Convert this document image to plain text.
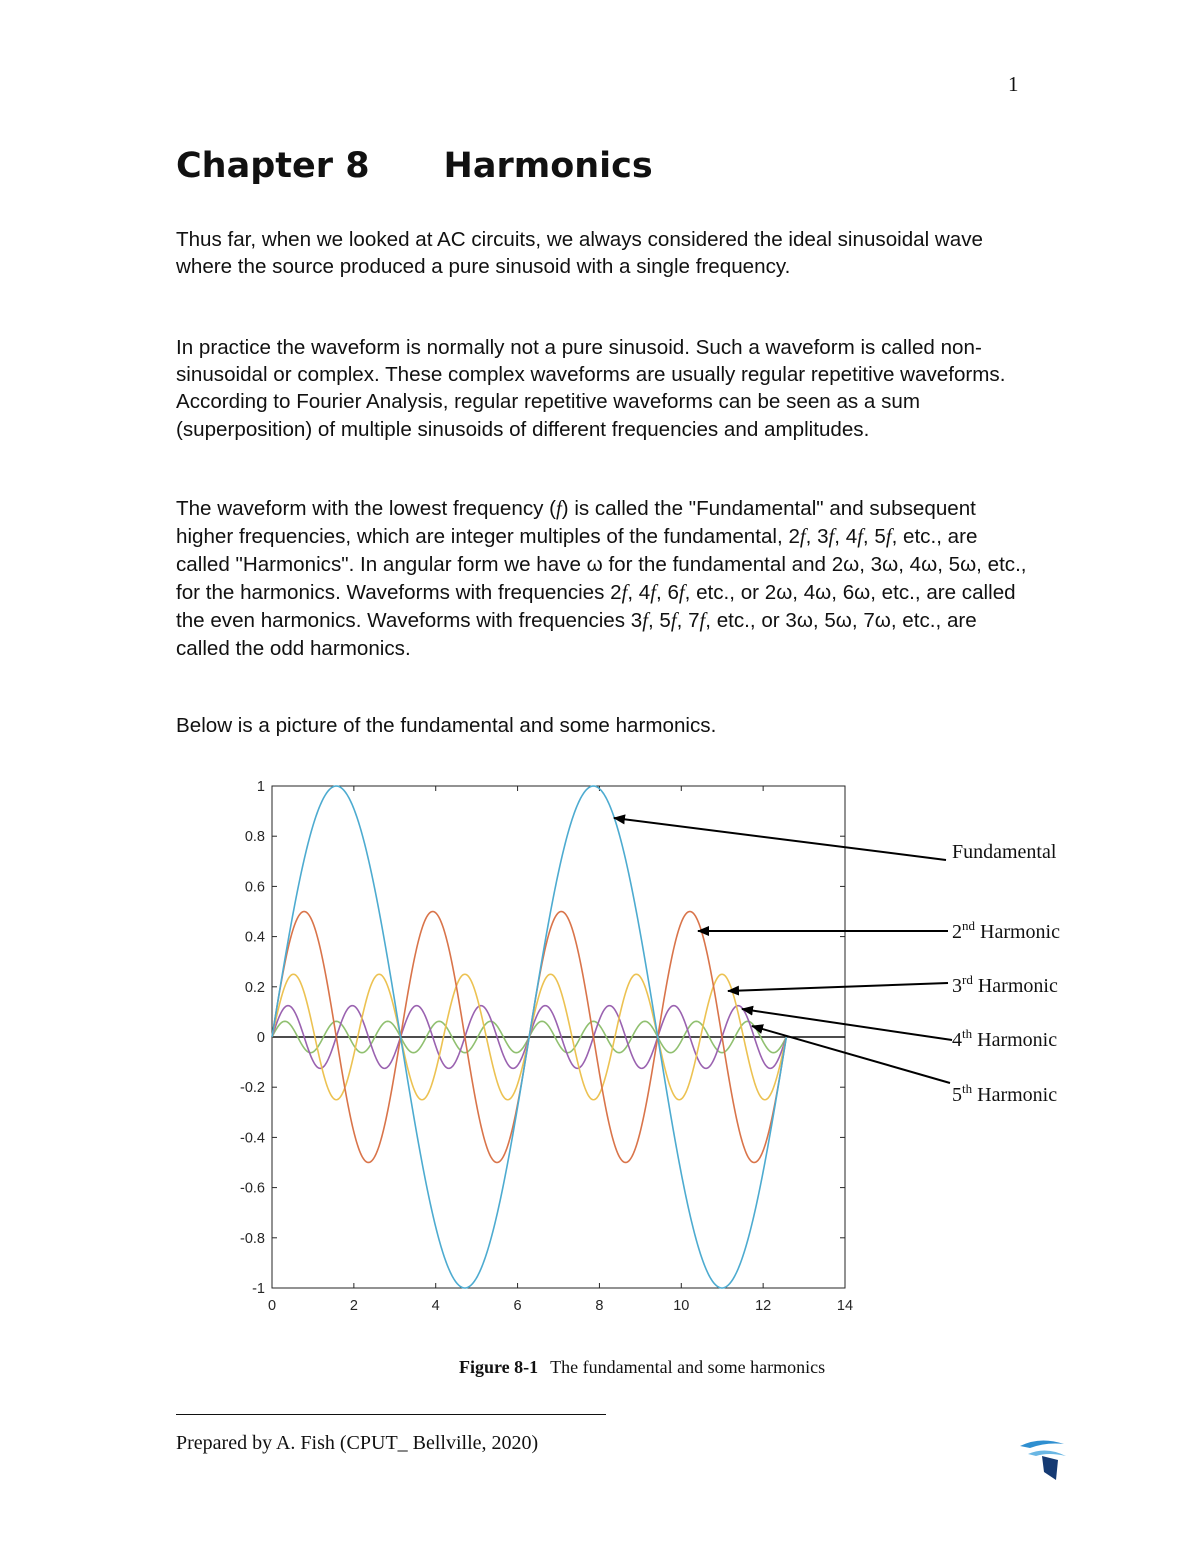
1
Chapter 8 Harmonics

Thus far, when we looked at AC circuits, we always considered the ideal sinusoidal wave where the source produced a pure sinusoid with a single frequency.

In practice the waveform is normally not a pure sinusoid. Such a waveform is called non-sinusoidal or complex. These complex waveforms are usually regular repetitive waveforms. According to Fourier Analysis, regular repetitive waveforms can be seen as a sum (superposition) of multiple sinusoids of different frequencies and amplitudes.

The waveform with the lowest frequency (f) is called the "Fundamental" and subsequent higher frequencies, which are integer multiples of the fundamental, 2f, 3f, 4f, 5f, etc., are called "Harmonics". In angular form we have ω for the fundamental and 2ω, 3ω, 4ω, 5ω, etc., for the harmonics. Waveforms with frequencies 2f, 4f, 6f, etc., or 2ω, 4ω, 6ω, etc., are called the even harmonics. Waveforms with frequencies 3f, 5f, 7f, etc., or 3ω, 5ω, 7ω, etc., are called the odd harmonics.

Below is a picture of the fundamental and some harmonics.

1
0.8
0.6
0.4
0.2
0
-0.2
-0.4
-0.6
-0.8
-1
0	2	4	6	8	10	12	14
Fundamental
2nd Harmonic
3rd Harmonic
4th Harmonic
5th Harmonic
Figure 8-1 The fundamental and some harmonics
Prepared by A. Fish (CPUT_ Bellville, 2020)
